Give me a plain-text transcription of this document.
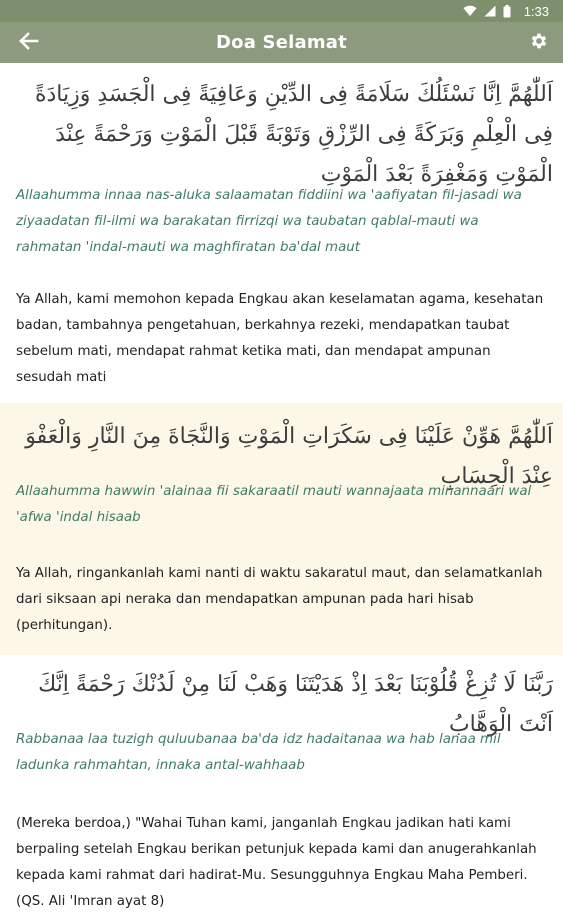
1:33
Doa Selamat
اَللّٰهُمَّ اِنَّا نَسْئَلُكَ سَلَامَةً فِى الدِّيْنِ وَعَافِيَةً فِى الْجَسَدِ وَزِيَادَةً فِى الْعِلْمِ وَبَرَكَةً فِى الرِّزْقِ وَتَوْبَةً قَبْلَ الْمَوْتِ وَرَحْمَةً عِنْدَ الْمَوْتِ وَمَغْفِرَةً بَعْدَ الْمَوْتِ
Allaahumma innaa nas-aluka salaamatan fiddiini wa 'aafiyatan fil-jasadi wa ziyaadatan fil-ilmi wa barakatan firrizqi wa taubatan qablal-mauti wa rahmatan 'indal-mauti wa maghfiratan ba'dal maut
Ya Allah, kami memohon kepada Engkau akan keselamatan agama, kesehatan badan, tambahnya pengetahuan, berkahnya rezeki, mendapatkan taubat sebelum mati, mendapat rahmat ketika mati, dan mendapat ampunan sesudah mati
اَللّٰهُمَّ هَوِّنْ عَلَيْنَا فِى سَكَرَاتِ الْمَوْتِ وَالنَّجَاةَ مِنَ النَّارِ وَالْعَفْوَ عِنْدَ الْحِسَابِ
Allaahumma hawwin 'alainaa fii sakaraatil mauti wannajaata minannaari wal 'afwa 'indal hisaab
Ya Allah, ringankanlah kami nanti di waktu sakaratul maut, dan selamatkanlah dari siksaan api neraka dan mendapatkan ampunan pada hari hisab (perhitungan).
رَبَّنَا لَا تُزِغْ قُلُوْبَنَا بَعْدَ اِذْ هَدَيْتَنَا وَهَبْ لَنَا مِنْ لَدُنْكَ رَحْمَةً اِنَّكَ اَنْتَ الْوَهَّابُ
Rabbanaa laa tuzigh quluubanaa ba'da idz hadaitanaa wa hab lanaa mil ladunka rahmahtan, innaka antal-wahhaab
(Mereka berdoa,) "Wahai Tuhan kami, janganlah Engkau jadikan hati kami berpaling setelah Engkau berikan petunjuk kepada kami dan anugerahkanlah kepada kami rahmat dari hadirat-Mu. Sesungguhnya Engkau Maha Pemberi. (QS. Ali 'Imran ayat 8)
